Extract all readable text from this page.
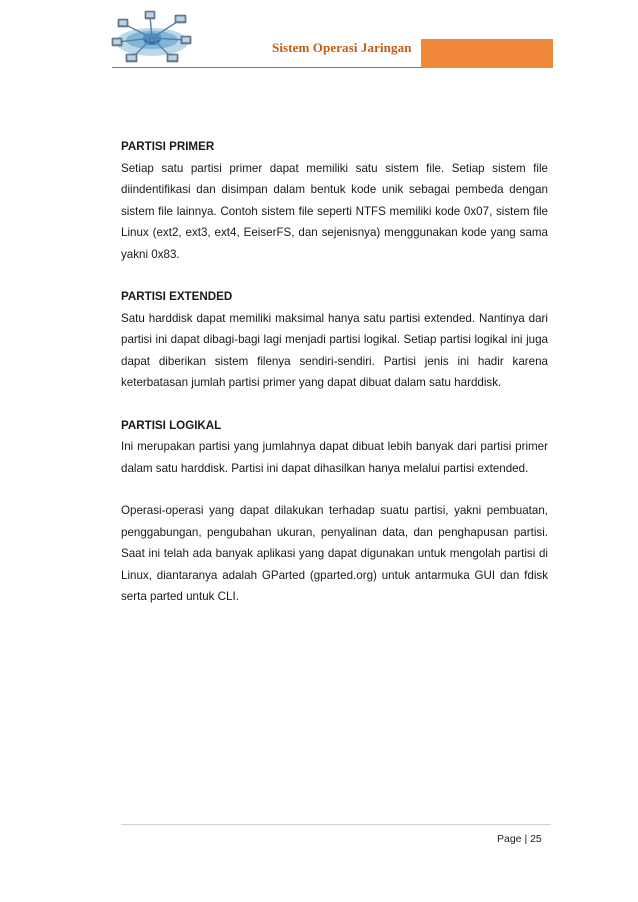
Sistem Operasi Jaringan

PARTISI PRIMER

Setiap satu partisi primer dapat memiliki satu sistem file. Setiap sistem file diindentifikasi dan disimpan dalam bentuk kode unik sebagai pembeda dengan sistem file lainnya. Contoh sistem file seperti NTFS memiliki kode 0x07, sistem file Linux (ext2, ext3, ext4, EeiserFS, dan sejenisnya) menggunakan kode yang sama yakni 0x83.

PARTISI EXTENDED

Satu harddisk dapat memiliki maksimal hanya satu partisi extended. Nantinya dari partisi ini dapat dibagi-bagi lagi menjadi partisi logikal. Setiap partisi logikal ini juga dapat diberikan sistem filenya sendiri-sendiri. Partisi jenis ini hadir karena keterbatasan jumlah partisi primer yang dapat dibuat dalam satu harddisk.

PARTISI LOGIKAL

Ini merupakan partisi yang jumlahnya dapat dibuat lebih banyak dari partisi primer dalam satu harddisk. Partisi ini dapat dihasilkan hanya melalui partisi extended.

Operasi-operasi yang dapat dilakukan terhadap suatu partisi, yakni pembuatan, penggabungan, pengubahan ukuran, penyalinan data, dan penghapusan partisi. Saat ini telah ada banyak aplikasi yang dapat digunakan untuk mengolah partisi di Linux, diantaranya adalah GParted (gparted.org) untuk antarmuka GUI dan fdisk serta parted untuk CLI.

Page | 25
